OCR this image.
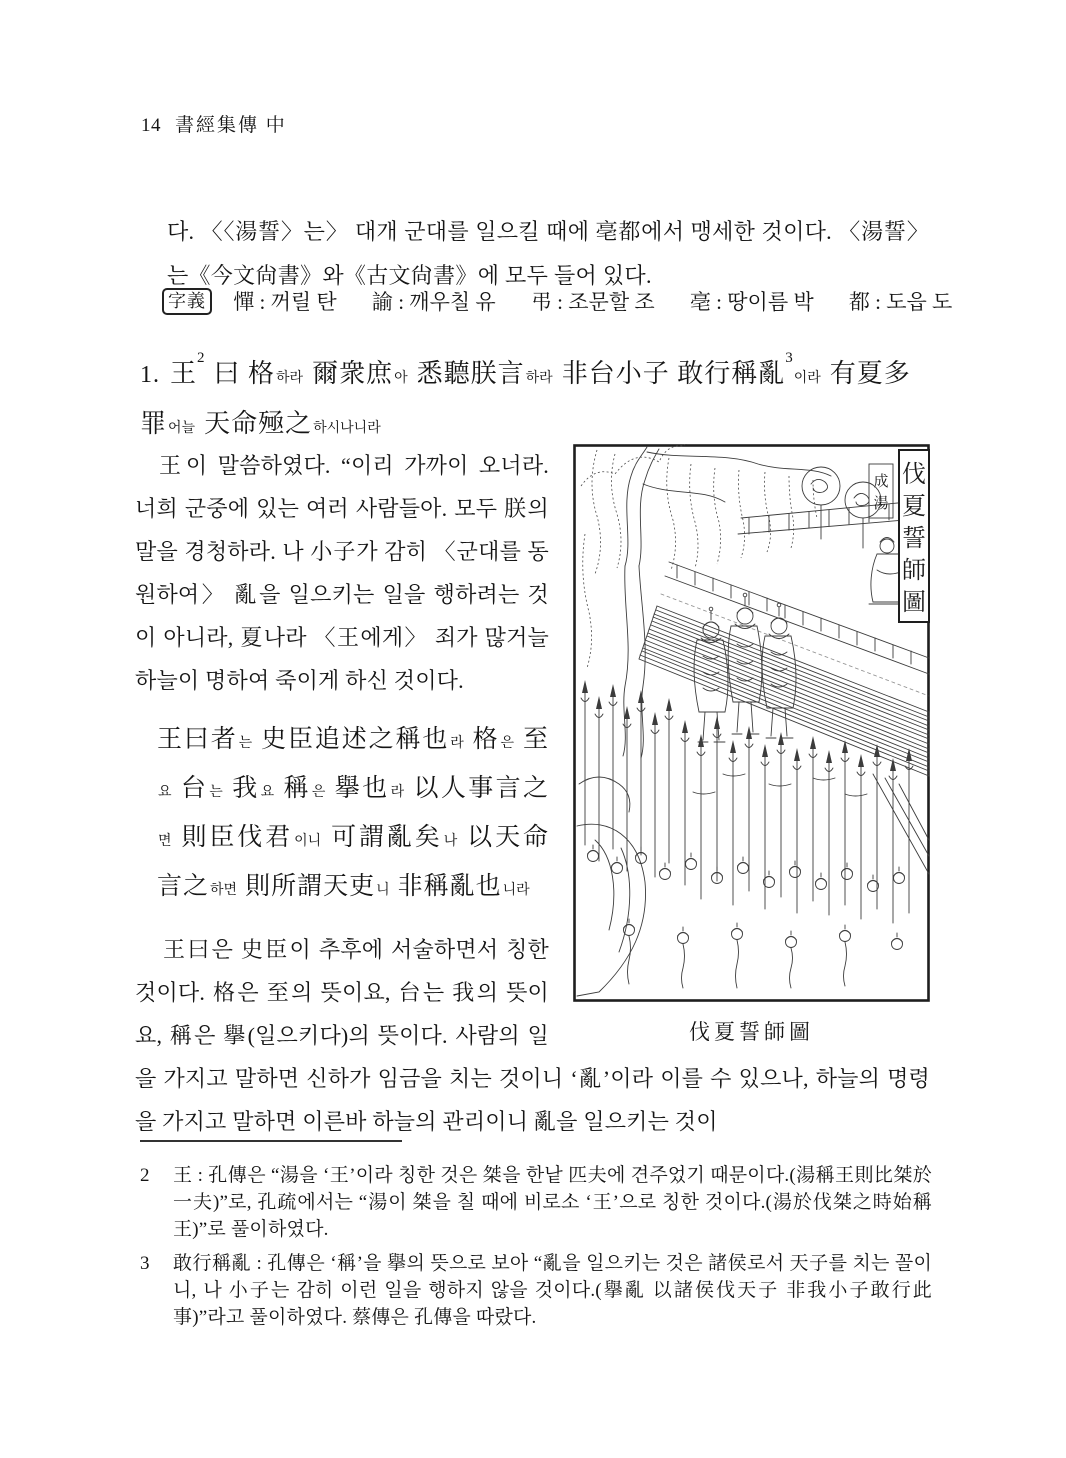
14 書經集傳 中

다. 〈〈湯誓〉는〉 대개 군대를 일으킬 때에 亳都에서 맹세한 것이다. 〈湯誓〉는《今文尙書》와《古文尙書》에 모두 들어 있다.

字義 憚 : 꺼릴 탄 諭 : 깨우칠 유 弔 : 조문할 조 亳 : 땅이름 박 都 : 도읍 도
1. 王$^2$曰 格하라 爾衆庶아 悉聽朕言하라 非台小子 敢行稱亂$^3$이라 有夏多罪어늘 天命殛之하시나니라
成
湯
伐
夏
誓
師
圖
伐夏誓師圖

王이 말씀하였다. “이리 가까이 오너라. 너희 군중에 있는 여러 사람들아. 모두 朕의 말을 경청하라. 나 小子가 감히 〈군대를 동원하여〉 亂을 일으키는 일을 행하려는 것이 아니라, 夏나라 〈王에게〉 죄가 많거늘 하늘이 명하여 죽이게 하신 것이다.

王曰者는 史臣追述之稱也라 格은 至요 台는 我요 稱은 擧也라 以人事言之면 則臣伐君이니 可謂亂矣나 以天命言之하면 則所謂天吏니 非稱亂也니라

王曰은 史臣이 추후에 서술하면서 칭한 것이다. 格은 至의 뜻이요, 台는 我의 뜻이요, 稱은 擧(일으키다)의 뜻이다. 사람의 일을 가지고 말하면 신하가 임금을 치는 것이니 ‘亂’이라 이를 수 있으나, 하늘의 명령을 가지고 말하면 이른바 하늘의 관리이니 亂을 일으키는 것이

2	王 : 孔傳은 “湯을 ‘王’이라 칭한 것은 桀을 한낱 匹夫에 견주었기 때문이다.(湯稱王則比桀於一夫)”로, 孔疏에서는 “湯이 桀을 칠 때에 비로소 ‘王’으로 칭한 것이다.(湯於伐桀之時始稱王)”로 풀이하였다.
3	敢行稱亂 : 孔傳은 ‘稱’을 擧의 뜻으로 보아 “亂을 일으키는 것은 諸侯로서 天子를 치는 꼴이니, 나 小子는 감히 이런 일을 행하지 않을 것이다.(擧亂 以諸侯伐天子 非我小子敢行此事)”라고 풀이하였다. 蔡傳은 孔傳을 따랐다.
